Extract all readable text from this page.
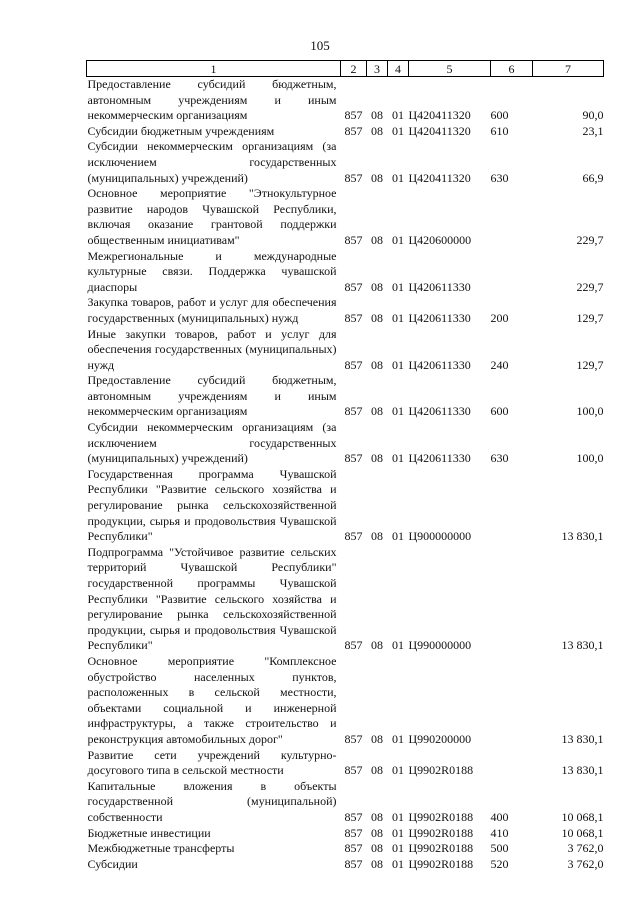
105
1	2	3	4	5	6	7
Предоставление субсидий бюджетным, автономным учреждениям и иным некоммерческим организациям	857	08	01	Ц420411320	600	90,0
Субсидии бюджетным учреждениям	857	08	01	Ц420411320	610	23,1
Субсидии некоммерческим организациям (за исключением государственных (муниципальных) учреждений)	857	08	01	Ц420411320	630	66,9
Основное мероприятие "Этнокультурное развитие народов Чувашской Республики, включая оказание грантовой поддержки общественным инициативам"	857	08	01	Ц420600000		229,7
Межрегиональные и международные культурные связи. Поддержка чувашской диаспоры	857	08	01	Ц420611330		229,7
Закупка товаров, работ и услуг для обеспечения государственных (муниципальных) нужд	857	08	01	Ц420611330	200	129,7
Иные закупки товаров, работ и услуг для обеспечения государственных (муниципальных) нужд	857	08	01	Ц420611330	240	129,7
Предоставление субсидий бюджетным, автономным учреждениям и иным некоммерческим организациям	857	08	01	Ц420611330	600	100,0
Субсидии некоммерческим организациям (за исключением государственных (муниципальных) учреждений)	857	08	01	Ц420611330	630	100,0
Государственная программа Чувашской Республики "Развитие сельского хозяйства и регулирование рынка сельскохозяйственной продукции, сырья и продовольствия Чувашской Республики"	857	08	01	Ц900000000		13 830,1
Подпрограмма "Устойчивое развитие сельских территорий Чувашской Республики" государственной программы Чувашской Республики "Развитие сельского хозяйства и регулирование рынка сельскохозяйственной продукции, сырья и продовольствия Чувашской Республики"	857	08	01	Ц990000000		13 830,1
Основное мероприятие "Комплексное обустройство населенных пунктов, расположенных в сельской местности, объектами социальной и инженерной инфраструктуры, а также строительство и реконструкция автомобильных дорог"	857	08	01	Ц990200000		13 830,1
Развитие сети учреждений культурно-досугового типа в сельской местности	857	08	01	Ц9902R0188		13 830,1
Капитальные вложения в объекты государственной (муниципальной) собственности	857	08	01	Ц9902R0188	400	10 068,1
Бюджетные инвестиции	857	08	01	Ц9902R0188	410	10 068,1
Межбюджетные трансферты	857	08	01	Ц9902R0188	500	3 762,0
Субсидии	857	08	01	Ц9902R0188	520	3 762,0
